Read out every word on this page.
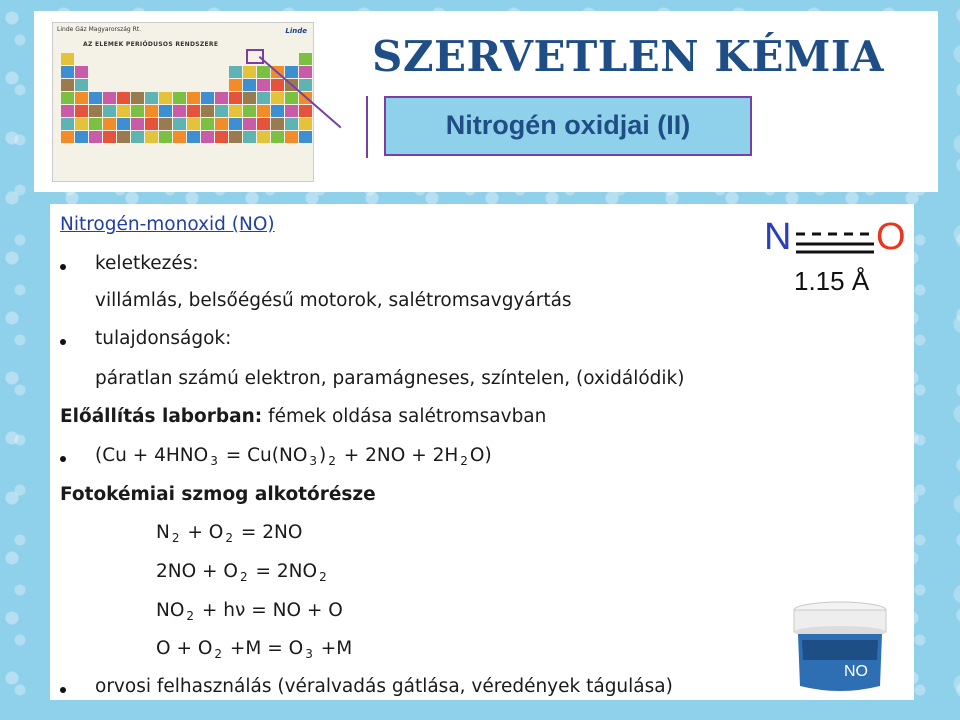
Linde Gáz Magyarország Rt.	Linde
AZ ELEMEK PERIÓDUSOS RENDSZERE	SZERVETLEN KÉMIA
Nitrogén oxidjai (II)
Nitrogén-monoxid (NO)
keletkezés:
villámlás, belsőégésű motorok, salétromsavgyártás
tulajdonságok:
páratlan számú elektron, paramágneses, színtelen, (oxidálódik)
Előállítás laborban: fémek oldása salétromsavban
(Cu + 4HNO $_3$ = Cu(NO $_3$ ) $_2$ + 2NO + 2H $_2$ O)
Fotokémiai szmog alkotórésze
N $_2$ + O $_2$ = 2NO
2NO + O $_2$ = 2NO $_2$
NO $_2$ + hν = NO + O
O + O $_2$ +M = O $_3$ +M
orvosi felhasználás (véralvadás gátlása, véredények tágulása)
N O
1.15 Å
NO
